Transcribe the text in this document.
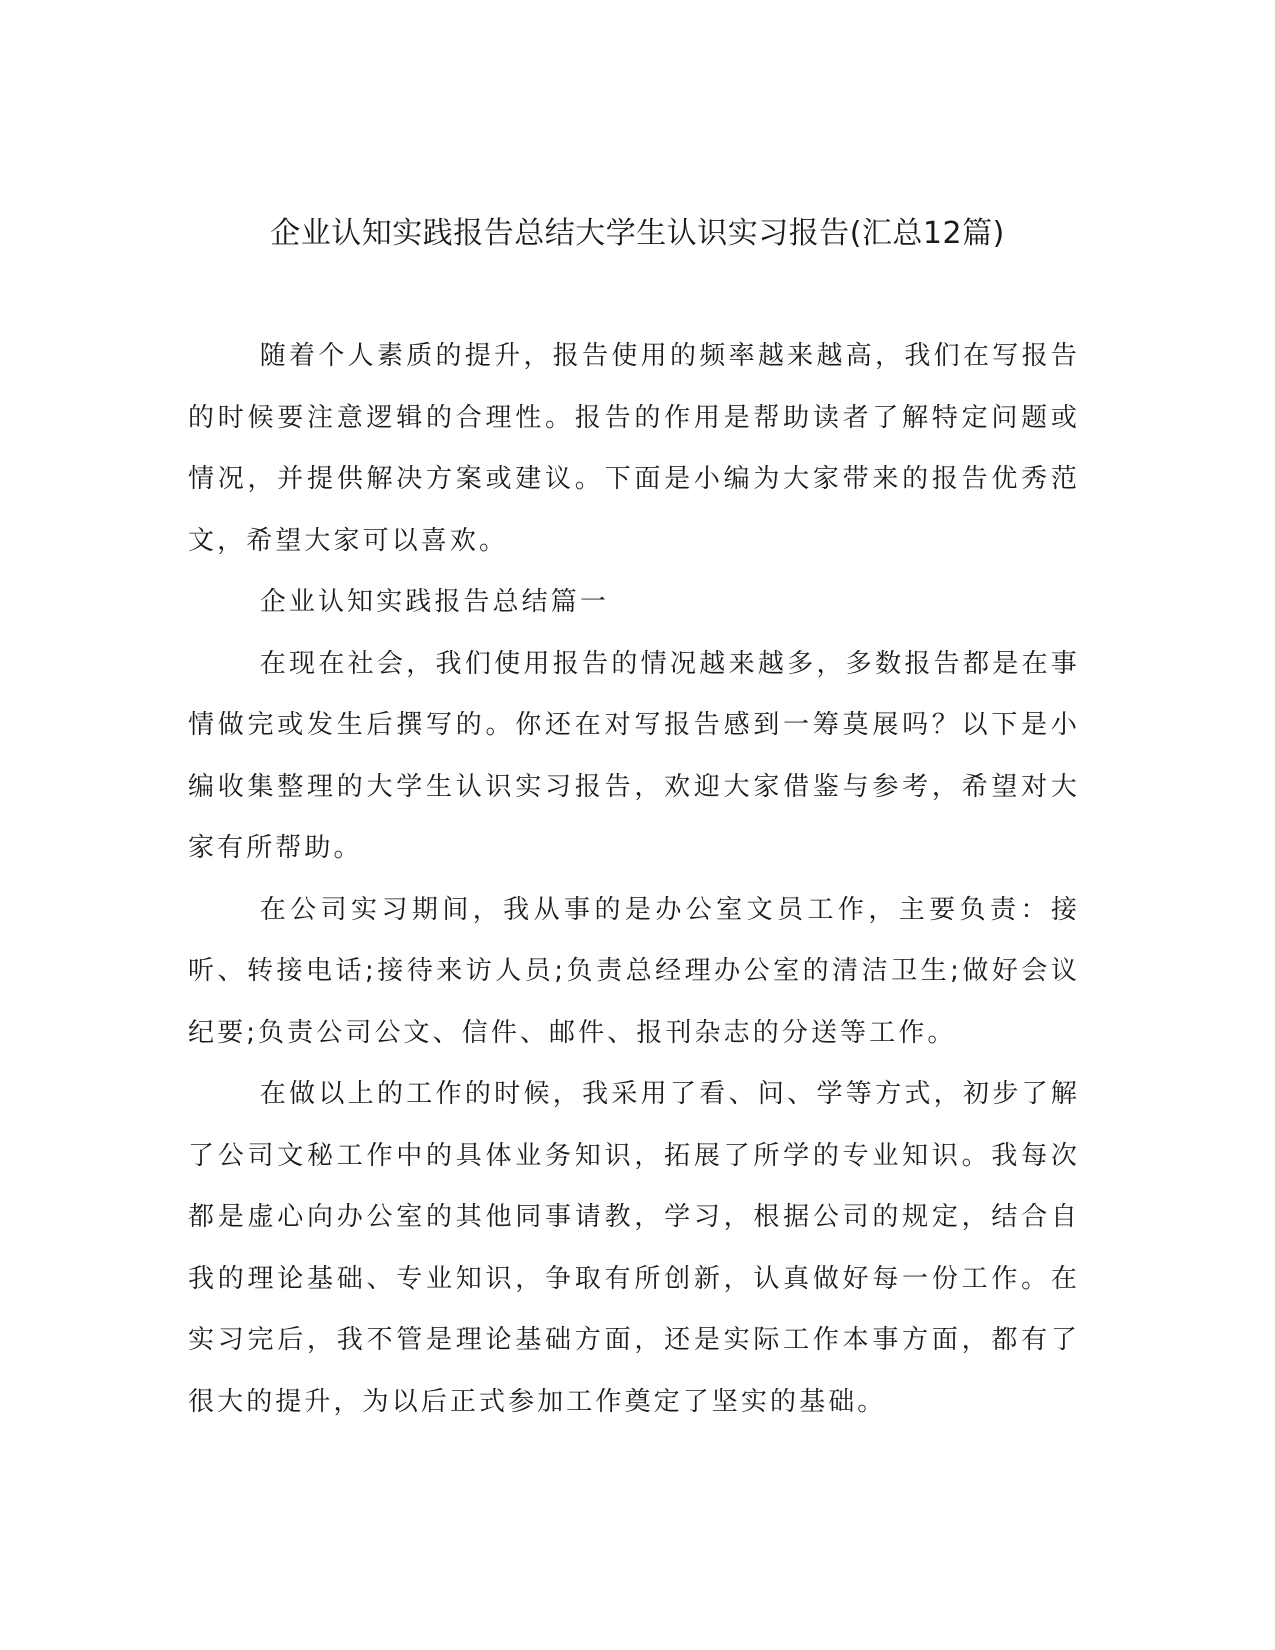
企业认知实践报告总结大学生认识实习报告(汇总12篇)

随着个人素质的提升，报告使用的频率越来越高，我们在写报告的时候要注意逻辑的合理性。报告的作用是帮助读者了解特定问题或情况，并提供解决方案或建议。下面是小编为大家带来的报告优秀范文，希望大家可以喜欢。

企业认知实践报告总结篇一

在现在社会，我们使用报告的情况越来越多，多数报告都是在事情做完或发生后撰写的。你还在对写报告感到一筹莫展吗？以下是小编收集整理的大学生认识实习报告，欢迎大家借鉴与参考，希望对大家有所帮助。

在公司实习期间，我从事的是办公室文员工作，主要负责：接听、转接电话;接待来访人员;负责总经理办公室的清洁卫生;做好会议纪要;负责公司公文、信件、邮件、报刊杂志的分送等工作。

在做以上的工作的时候，我采用了看、问、学等方式，初步了解了公司文秘工作中的具体业务知识，拓展了所学的专业知识。我每次都是虚心向办公室的其他同事请教，学习，根据公司的规定，结合自我的理论基础、专业知识，争取有所创新，认真做好每一份工作。在实习完后，我不管是理论基础方面，还是实际工作本事方面，都有了很大的提升，为以后正式参加工作奠定了坚实的基础。
